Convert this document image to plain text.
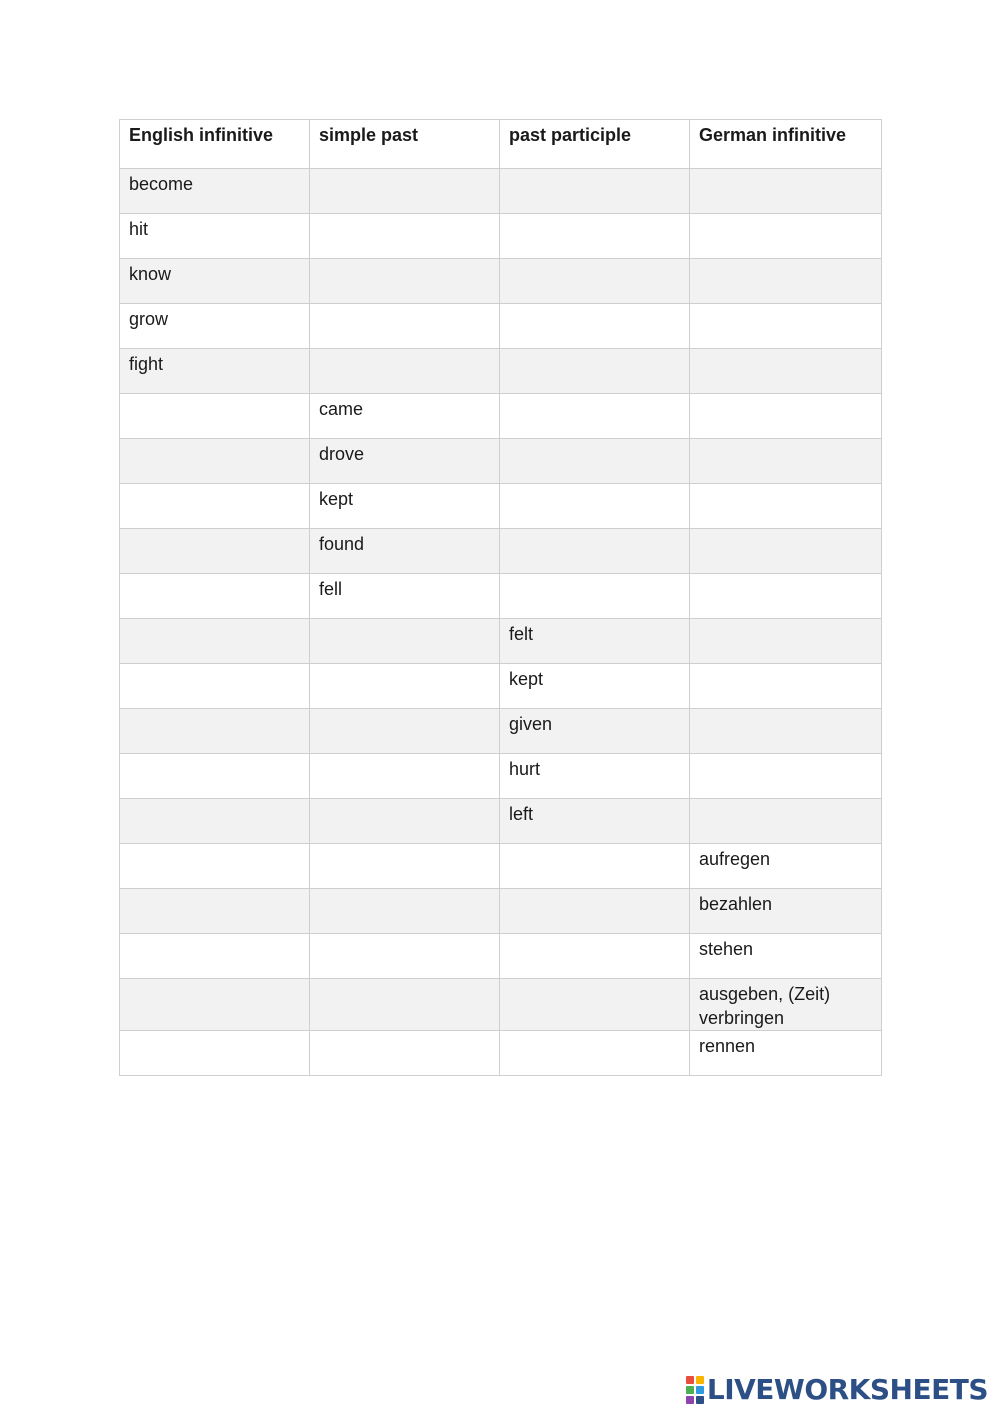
English infinitive	simple past	past participle	German infinitive
become			
hit			
know			
grow			
fight			
	came		
	drove		
	kept		
	found		
	fell		
		felt	
		kept	
		given	
		hurt	
		left	
			aufregen
			bezahlen
			stehen
			ausgeben, (Zeit) verbringen
			rennen
LIVEWORKSHEETS
